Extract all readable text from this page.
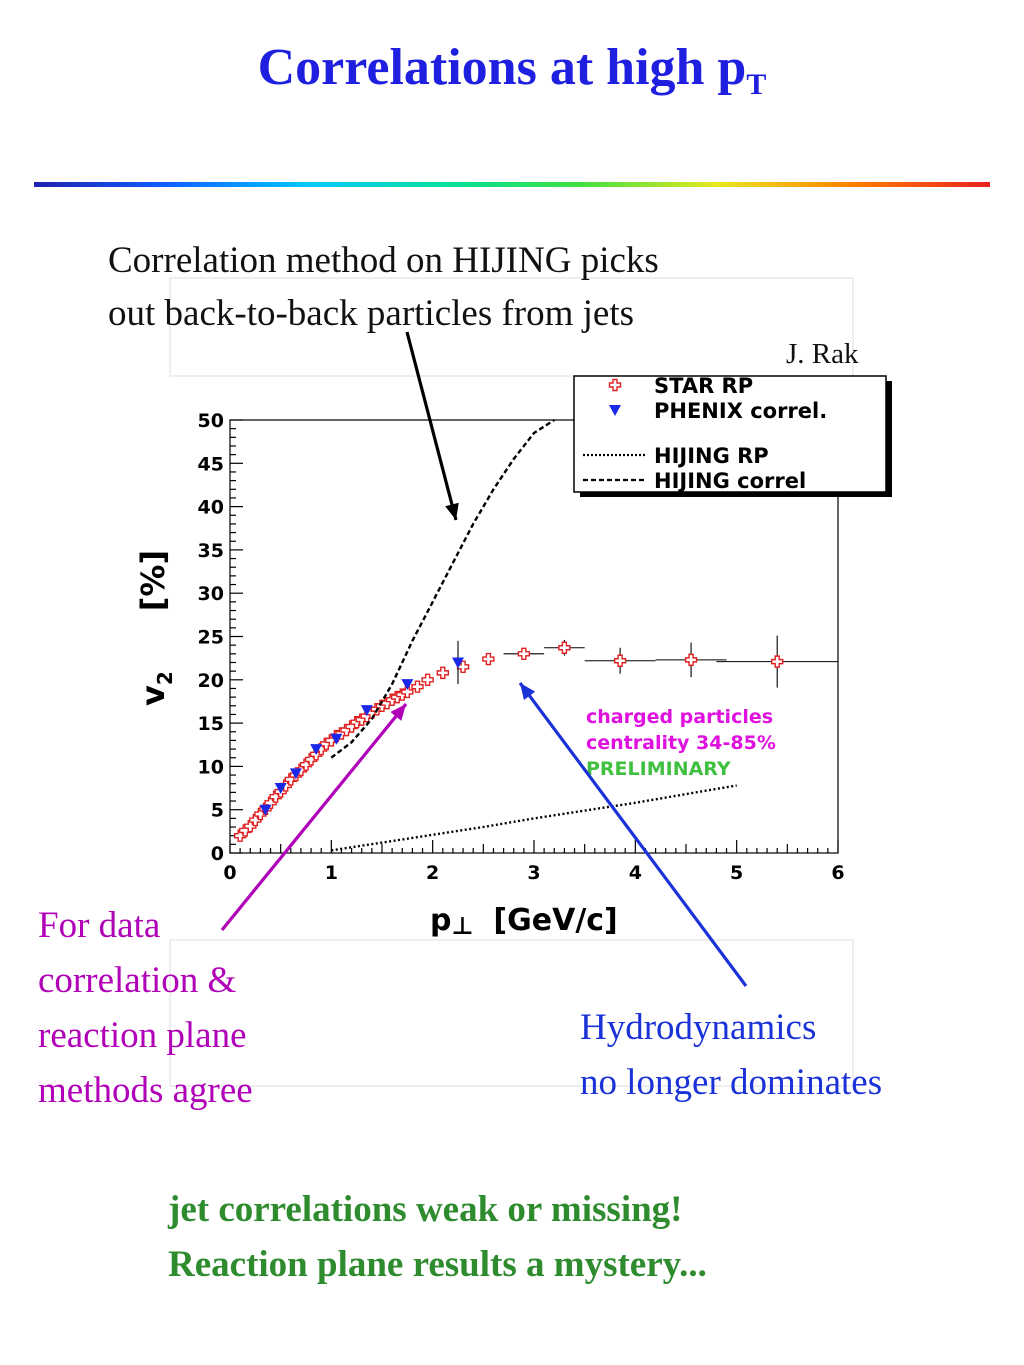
Correlations at high $p_T$
0	1	2	3	4	5	6
0
5
10
15
20
25
30
35
40
45
50
p⊥ [GeV/c]
$v_2[\%]$
STAR RP
PHENIX correl.
HIJING RP
HIJING correl
charged particles
centrality 34-85%
PRELIMINARY
Correlation method on HIJING picks
out back-to-back particles from jets
J. Rak
For data
correlation &
reaction plane
methods agree
Hydrodynamics
no longer dominates
jet correlations weak or missing!
Reaction plane results a mystery...
